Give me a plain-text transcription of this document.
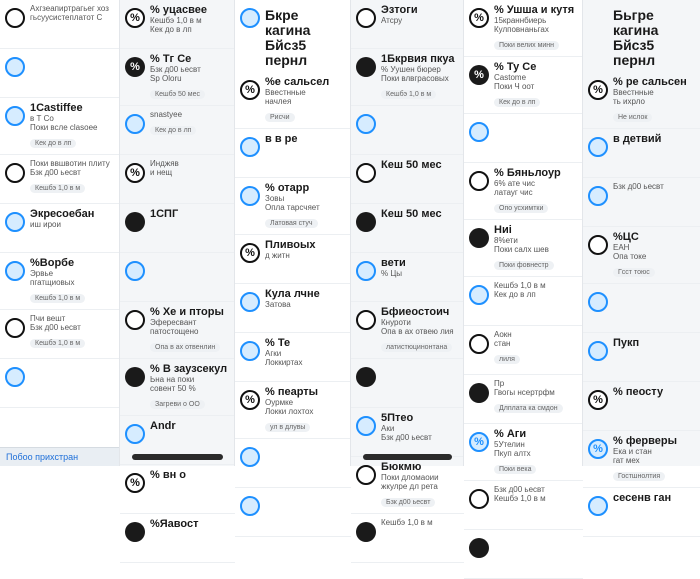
Ахгзеапиртрагьег хоз
гьсуусистеплатот С
1Castiffee
в Т Со
Поки всле сlasoee
Кек до в лп
Поки ввшвотин плиту
Бзк д00 ьесвт
Кешбэ 1,0 в м
Экресоебан
иш ирои
%Ворбе
Эрвье
пгатщиовых
Кешбэ 1,0 в м
Пчи вешт
Бзк д00 ьесвт
Кешбэ 1,0 в м
Побоо прихстран
%
% уцасвее
Кешбэ 1,0 в м
Кек до в лп
%
% Тг Се
Бзк д00 ьесвт
Sp Oloru
Кешбэ 50 мес
snastyee
Кек до в лп
%
Инджяв
и нещ
1СПГ
% Хе и пторы
Эфересвант
патостощено
Опа в ах отвенлин
% В заузсекул
Ьна на поки
совент 50 %
Загреви о ОО
Andr
%
% вн о
%Яавост
Бкре кагина
Бйсз5 пернл
%
%е сальсел
Ввестнные
начлея
Рисчи
в в ре
% отарр
Зовы
Опла тарсчяет
Латовая стуч
%
Пливоых
д житн
Кула лчне
Затова
% Те
Агки
Локкиртах
%
% пеарты
Оурмке
Локки лохтох
ул в длувы
Эзтоги
Атсру
1Бкрвия пкуа
% Уушен бюрер
Поки влвграсовых
Кешбэ 1,0 в м
Кеш 50 мес
Кеш 50 мес
вети
% Цы
Бфиеостоич
Кнуроти
Опа в ах отвею лия
латистюцинонтана
5Птео
Аки
Бзк д00 ьесвт
Бюкмю
Поки дломаоии
жкулре дл рета
Бзк д00 ьесвт
Кешбэ 1,0 в м
%
% Ушша и кутя
15краннбиерь
Кулповнаньгах
Поки велих минн
%
% Ту Се
Castome
Поки Ч оот
Кек до в лп
% Бяньлоур
6% ате чис
латауг чис
Опо усхимтки
Ниi
8%ети
Поки салх шев
Поки фовнестр
Кешбэ 1,0 в м
Кек до в лп
Аокн
стан
лиля
Пр
Гвогы нсертрфм
Длплата ка смдон
%
% Аги
5Утелин
Пкуп алтх
Поки века
Бзк д00 ьесвт
Кешбэ 1,0 в м
Бьгре кагина
Бйсз5 пернл
%
% ре сальсен
Ввестнные
ть ихрло
Не ислок
в детвий
Бзк д00 ьесвт
%ЦС
ЕАН
Опа токе
Гсст тоюс
Пукп
%
% пеосту
%
% ферверы
Ека и стан
гат мех
Гостшнолтия
сесенв ган
